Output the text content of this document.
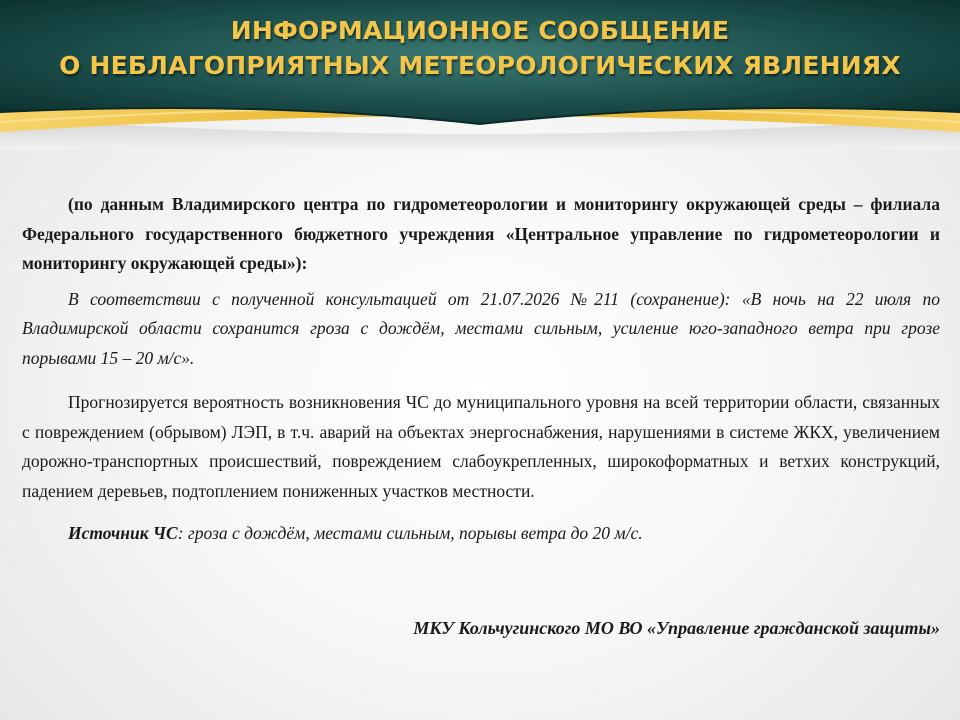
ИНФОРМАЦИОННОЕ СООБЩЕНИЕ
О НЕБЛАГОПРИЯТНЫХ МЕТЕОРОЛОГИЧЕСКИХ ЯВЛЕНИЯХ

(по данным Владимирского центра по гидрометеорологии и мониторингу окружающей среды – филиала Федерального государственного бюджетного учреждения «Центральное управление по гидрометеорологии и мониторингу окружающей среды»):

В соответствии с полученной консультацией от 21.07.2026 №211 (сохранение): «В ночь на 22 июля по Владимирской области сохранится гроза с дождём, местами сильным, усиление юго-западного ветра при грозе порывами 15 – 20 м/с».

Прогнозируется вероятность возникновения ЧС до муниципального уровня на всей территории области, связанных с повреждением (обрывом) ЛЭП, в т.ч. аварий на объектах энергоснабжения, нарушениями в системе ЖКХ, увеличением дорожно-транспортных происшествий, повреждением слабоукрепленных, широкоформатных и ветхих конструкций, падением деревьев, подтоплением пониженных участков местности.

Источник ЧС: гроза с дождём, местами сильным, порывы ветра до 20 м/с.

МКУ Кольчугинского МО ВО «Управление гражданской защиты»
